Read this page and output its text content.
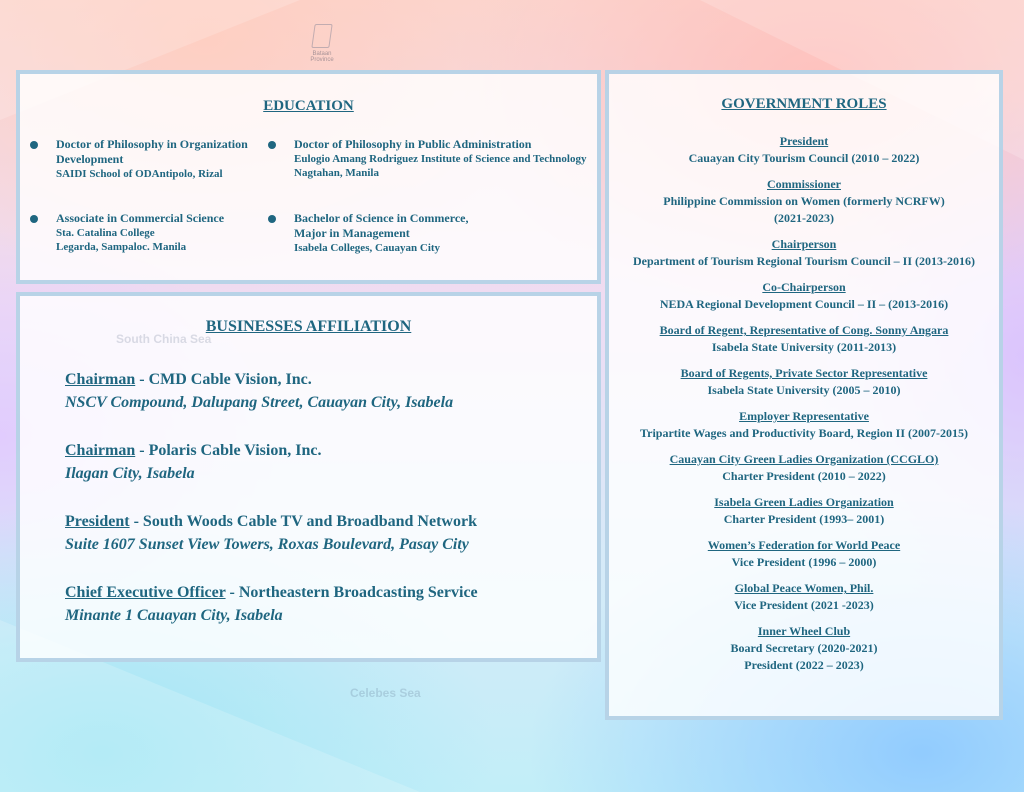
Bataan Province
Celebes Sea
EDUCATION
Doctor of Philosophy in Organization Development
SAIDI School of ODAntipolo, Rizal
Doctor of Philosophy in Public Administration
Eulogio Amang Rodriguez Institute of Science and Technology
Nagtahan, Manila
Associate in Commercial Science
Sta. Catalina College
Legarda, Sampaloc. Manila
Bachelor of Science in Commerce,
Major in Management
Isabela Colleges, Cauayan City
South China Sea
BUSINESSES AFFILIATION
Chairman - CMD Cable Vision, Inc.
NSCV Compound, Dalupang Street, Cauayan City, Isabela
Chairman - Polaris Cable Vision, Inc.
Ilagan City, Isabela
President - South Woods Cable TV and Broadband Network
Suite 1607 Sunset View Towers, Roxas Boulevard, Pasay City
Chief Executive Officer - Northeastern Broadcasting Service
Minante 1 Cauayan City, Isabela
GOVERNMENT ROLES
President
Cauayan City Tourism Council (2010 – 2022)
Commissioner
Philippine Commission on Women (formerly NCRFW)
(2021-2023)
Chairperson
Department of Tourism Regional Tourism Council – II (2013-2016)
Co-Chairperson
NEDA Regional Development Council – II – (2013-2016)
Board of Regent, Representative of Cong. Sonny Angara
Isabela State University (2011-2013)
Board of Regents, Private Sector Representative
Isabela State University (2005 – 2010)
Employer Representative
Tripartite Wages and Productivity Board, Region II (2007-2015)
Cauayan City Green Ladies Organization (CCGLO)
Charter President (2010 – 2022)
Isabela Green Ladies Organization
Charter President (1993– 2001)
Women’s Federation for World Peace
Vice President (1996 – 2000)
Global Peace Women, Phil.
Vice President (2021 -2023)
Inner Wheel Club
Board Secretary (2020-2021)
President (2022 – 2023)
